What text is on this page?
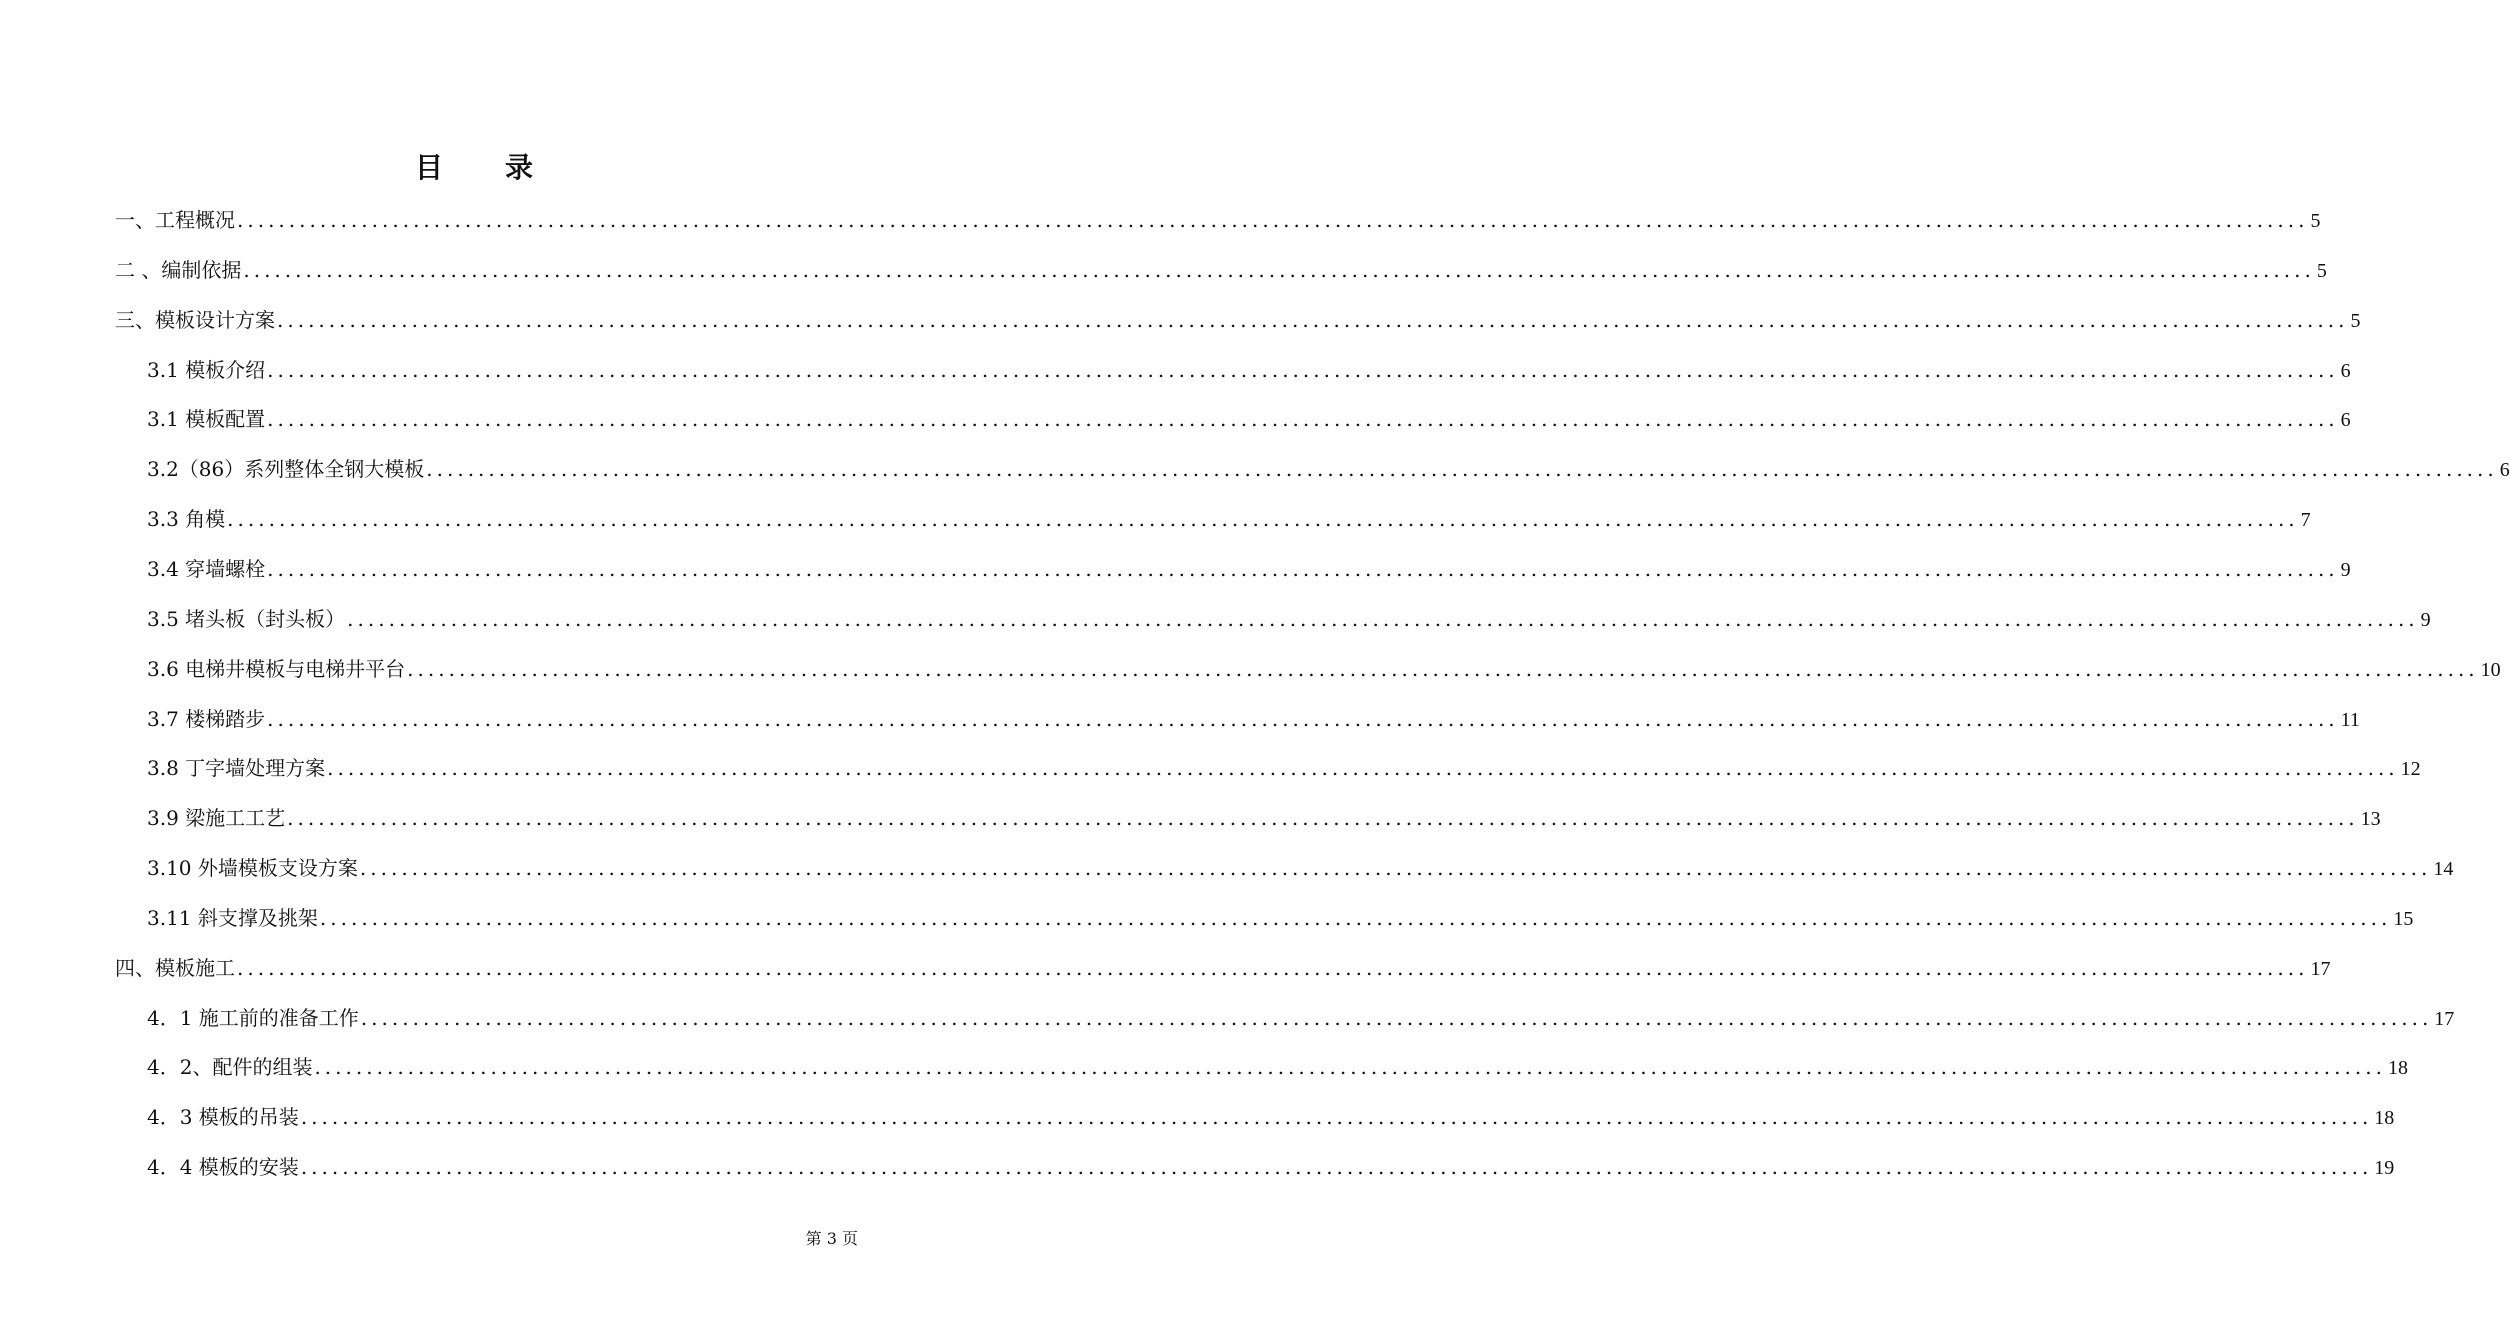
目　　录
一、工程概况 ........................................................................................................................................................................................................ 5
二 、编制依据 ........................................................................................................................................................................................................ 5
三、模板设计方案 ........................................................................................................................................................................................................ 5
3.1 模板介绍 ........................................................................................................................................................................................................ 6
3.1 模板配置 ........................................................................................................................................................................................................ 6
3.2（86）系列整体全钢大模板 ........................................................................................................................................................................................................ 6
3.3 角模 ........................................................................................................................................................................................................ 7
3.4 穿墙螺栓 ........................................................................................................................................................................................................ 9
3.5 堵头板（封头板） ........................................................................................................................................................................................................ 9
3.6 电梯井模板与电梯井平台 ........................................................................................................................................................................................................ 10
3.7 楼梯踏步 ........................................................................................................................................................................................................ 11
3.8 丁字墙处理方案 ........................................................................................................................................................................................................ 12
3.9 梁施工工艺 ........................................................................................................................................................................................................ 13
3.10 外墙模板支设方案 ........................................................................................................................................................................................................ 14
3.11 斜支撑及挑架 ........................................................................................................................................................................................................ 15
四、模板施工 ........................................................................................................................................................................................................ 17
4．1 施工前的准备工作 ........................................................................................................................................................................................................ 17
4．2、配件的组装 ........................................................................................................................................................................................................ 18
4．3 模板的吊装 ........................................................................................................................................................................................................ 18
4．4 模板的安装 ........................................................................................................................................................................................................ 19
第 3 页
